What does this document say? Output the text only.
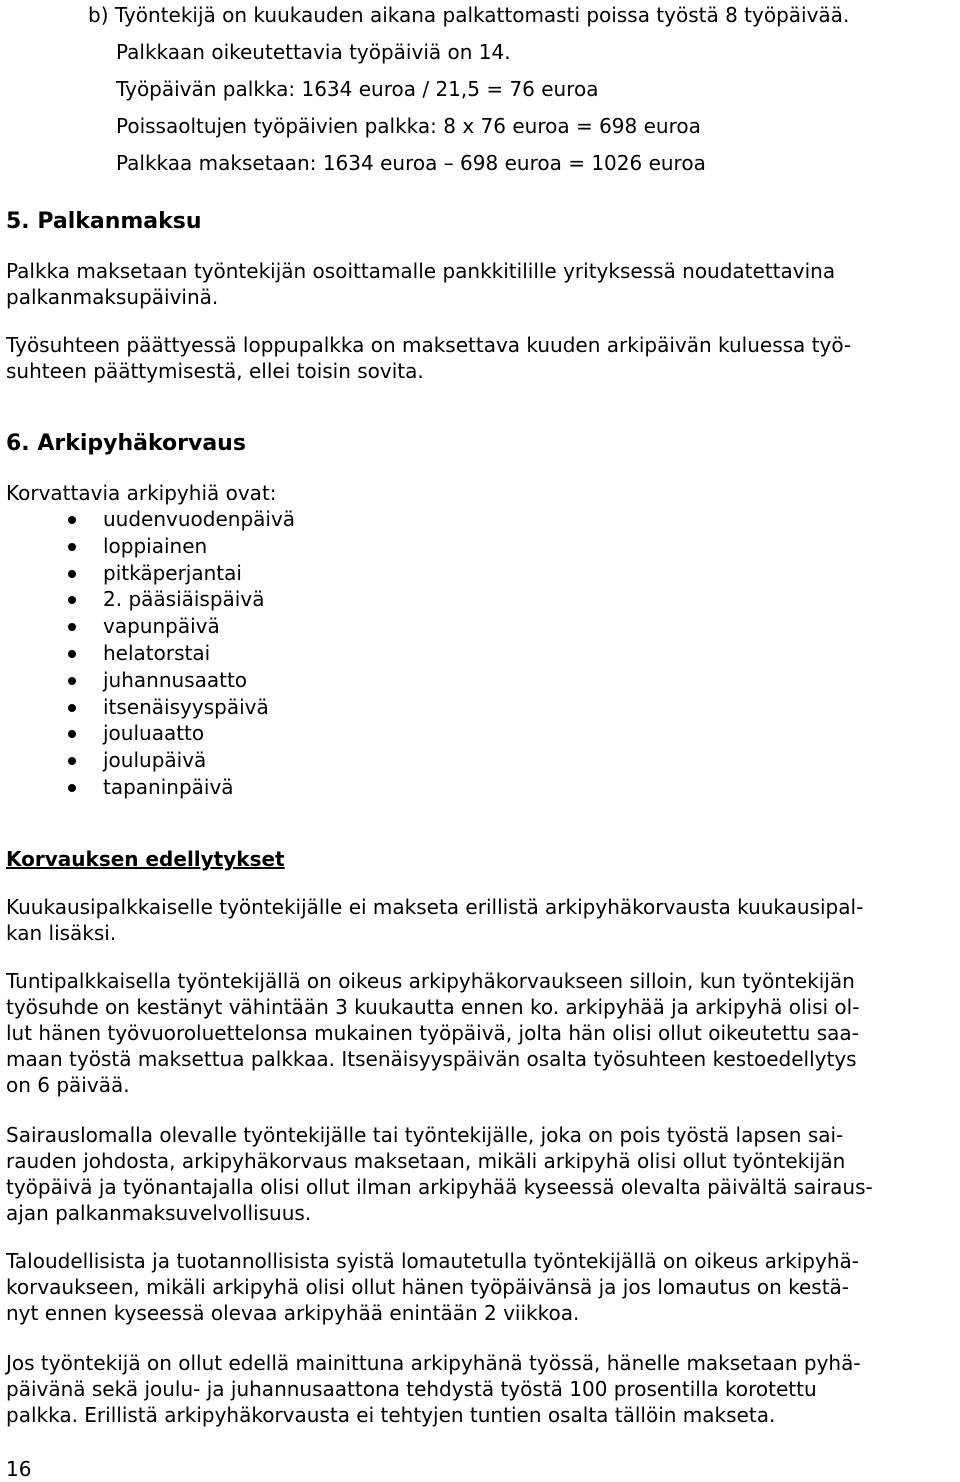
b) Työntekijä on kuukauden aikana palkattomasti poissa työstä 8 työpäivää.
Palkkaan oikeutettavia työpäiviä on 14.
Työpäivän palkka: 1634 euroa / 21,5 = 76 euroa
Poissaoltujen työpäivien palkka: 8 x 76 euroa = 698 euroa
Palkkaa maksetaan: 1634 euroa – 698 euroa = 1026 euroa
5. Palkanmaksu

Palkka maksetaan työntekijän osoittamalle pankkitilille yrityksessä noudatettavina
palkanmaksupäivinä.

Työsuhteen päättyessä loppupalkka on maksettava kuuden arkipäivän kuluessa työ-
suhteen päättymisestä, ellei toisin sovita.

6. Arkipyhäkorvaus

Korvattavia arkipyhiä ovat:

uudenvuodenpäivä
loppiainen
pitkäperjantai
2. pääsiäispäivä
vapunpäivä
helatorstai
juhannusaatto
itsenäisyyspäivä
jouluaatto
joulupäivä
tapaninpäivä

Korvauksen edellytykset

Kuukausipalkkaiselle työntekijälle ei makseta erillistä arkipyhäkorvausta kuukausipal-
kan lisäksi.

Tuntipalkkaisella työntekijällä on oikeus arkipyhäkorvaukseen silloin, kun työntekijän
työsuhde on kestänyt vähintään 3 kuukautta ennen ko. arkipyhää ja arkipyhä olisi ol-
lut hänen työvuoroluettelonsa mukainen työpäivä, jolta hän olisi ollut oikeutettu saa-
maan työstä maksettua palkkaa. Itsenäisyyspäivän osalta työsuhteen kestoedellytys
on 6 päivää.

Sairauslomalla olevalle työntekijälle tai työntekijälle, joka on pois työstä lapsen sai-
rauden johdosta, arkipyhäkorvaus maksetaan, mikäli arkipyhä olisi ollut työntekijän
työpäivä ja työnantajalla olisi ollut ilman arkipyhää kyseessä olevalta päivältä sairaus-
ajan palkanmaksuvelvollisuus.

Taloudellisista ja tuotannollisista syistä lomautetulla työntekijällä on oikeus arkipyhä-
korvaukseen, mikäli arkipyhä olisi ollut hänen työpäivänsä ja jos lomautus on kestä-
nyt ennen kyseessä olevaa arkipyhää enintään 2 viikkoa.

Jos työntekijä on ollut edellä mainittuna arkipyhänä työssä, hänelle maksetaan pyhä-
päivänä sekä joulu- ja juhannusaattona tehdystä työstä 100 prosentilla korotettu
palkka. Erillistä arkipyhäkorvausta ei tehtyjen tuntien osalta tällöin makseta.

16
